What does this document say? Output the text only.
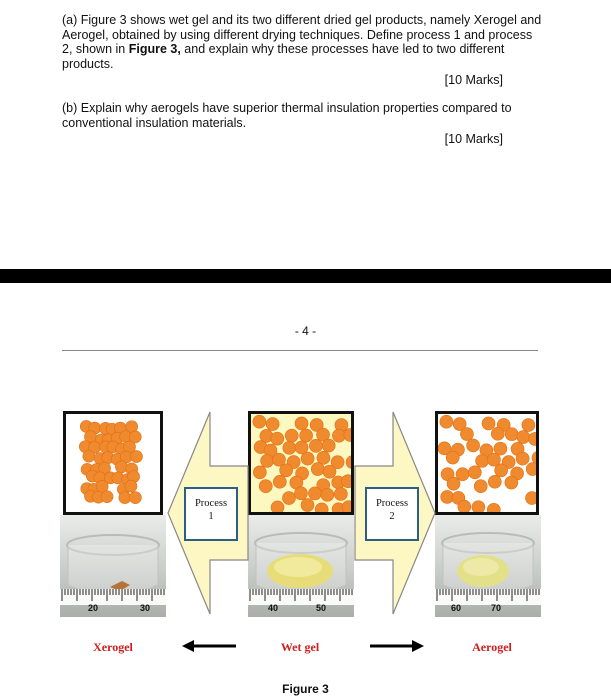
(a) Figure 3 shows wet gel and its two different dried gel products, namely Xerogel and Aerogel, obtained by using different drying techniques. Define process 1 and process 2, shown in Figure 3, and explain why these processes have led to two different products.
[10 Marks]
(b) Explain why aerogels have superior thermal insulation properties compared to conventional insulation materials.
[10 Marks]
- 4 -
20	30	40	50	60	70
Process
1
Process
2
Xerogel	Wet gel	Aerogel
Figure 3
